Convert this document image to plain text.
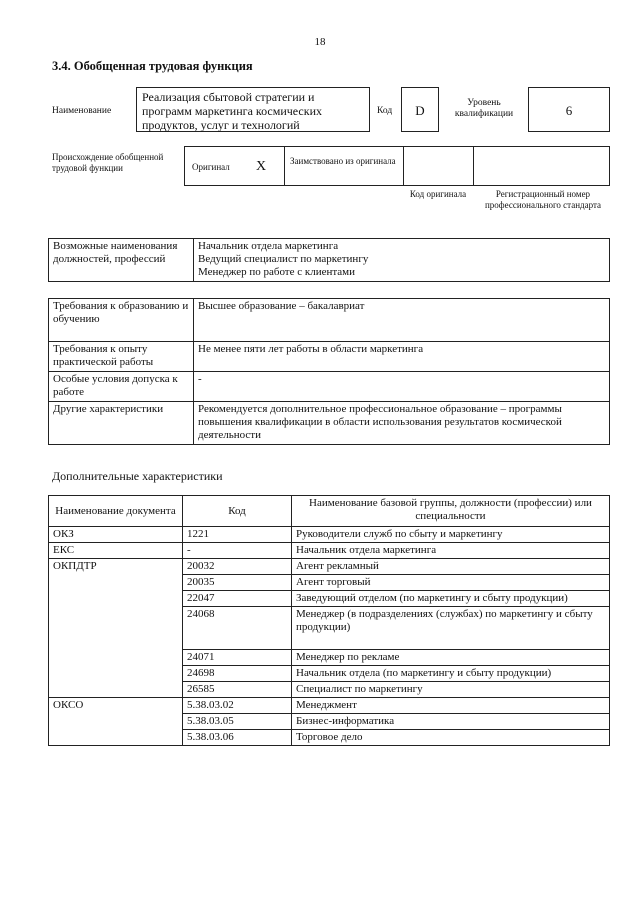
18
3.4. Обобщенная трудовая функция
Наименование
Реализация сбытовой стратегии и программ маркетинга космических продуктов, услуг и технологий
Код	D	Уровень квалификации	6
Происхождение обобщенной трудовой функции	Оригинал X	Заимствовано из оригинала
Код оригинала	Регистрационный номер профессионального стандарта
Возможные наименования должностей, профессий	
Начальник отдела маркетинга
Ведущий специалист по маркетингу
Менеджер по работе с клиентами
Требования к образованию и обучению	Высшее образование – бакалавриат
Требования к опыту практической работы	Не менее пяти лет работы в области маркетинга
Особые условия допуска к работе	-
Другие характеристики	Рекомендуется дополнительное профессиональное образование – программы повышения квалификации в области использования результатов космической деятельности
Дополнительные характеристики
Наименование документа	Код	Наименование базовой группы, должности (профессии) или специальности
ОКЗ	1221	Руководители служб по сбыту и маркетингу
ЕКС	-	Начальник отдела маркетинга
ОКПДТР	20032	Агент рекламный
	20035	Агент торговый
	22047	Заведующий отделом (по маркетингу и сбыту продукции)
	24068	Менеджер (в подразделениях (службах) по маркетингу и сбыту продукции)
	24071	Менеджер по рекламе
	24698	Начальник отдела (по маркетингу и сбыту продукции)
	26585	Специалист по маркетингу
ОКСО	5.38.03.02	Менеджмент
	5.38.03.05	Бизнес-информатика
	5.38.03.06	Торговое дело
